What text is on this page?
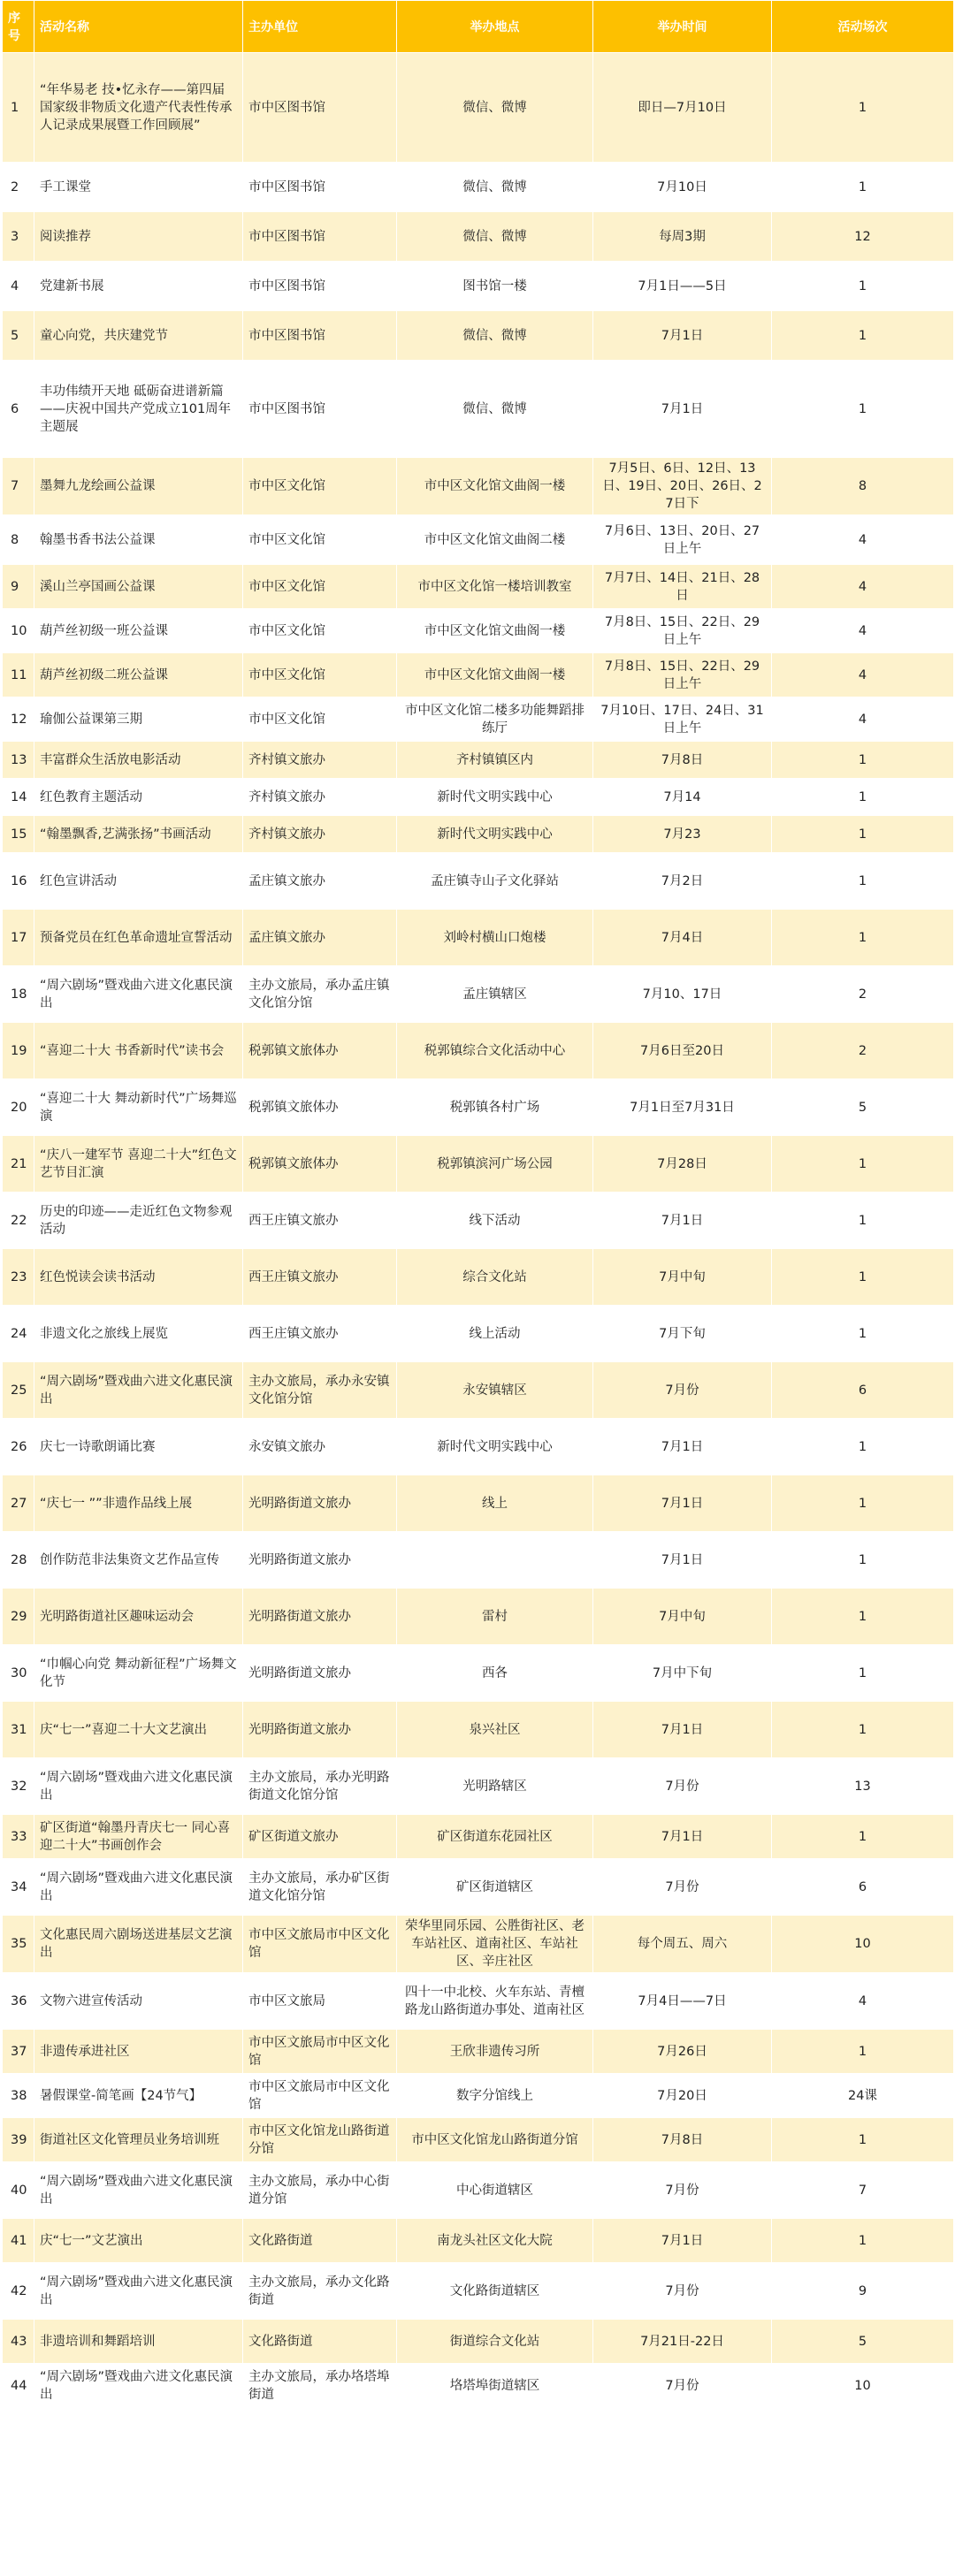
序号	活动名称	主办单位	举办地点	举办时间	活动场次
1	“年华易老 技•忆永存——第四届国家级非物质文化遗产代表性传承人记录成果展暨工作回顾展”	市中区图书馆	微信、微博	即日—7月10日	1
2	手工课堂	市中区图书馆	微信、微博	7月10日	1
3	阅读推荐	市中区图书馆	微信、微博	每周3期	12
4	党建新书展	市中区图书馆	图书馆一楼	7月1日——5日	1
5	童心向党，共庆建党节	市中区图书馆	微信、微博	7月1日	1
6	丰功伟绩开天地 砥砺奋进谱新篇——庆祝中国共产党成立101周年主题展	市中区图书馆	微信、微博	7月1日	1
7	墨舞九龙绘画公益课	市中区文化馆	市中区文化馆文曲阁一楼	7月5日、6日、12日、13日、19日、20日、26日、27日下	8
8	翰墨书香书法公益课	市中区文化馆	市中区文化馆文曲阁二楼	7月6日、13日、20日、27日上午	4
9	溪山兰亭国画公益课	市中区文化馆	市中区文化馆一楼培训教室	7月7日、14日、21日、28日	4
10	葫芦丝初级一班公益课	市中区文化馆	市中区文化馆文曲阁一楼	7月8日、15日、22日、29日上午	4
11	葫芦丝初级二班公益课	市中区文化馆	市中区文化馆文曲阁一楼	7月8日、15日、22日、29日上午	4
12	瑜伽公益课第三期	市中区文化馆	市中区文化馆二楼多功能舞蹈排练厅	7月10日、17日、24日、31日上午	4
13	丰富群众生活放电影活动	齐村镇文旅办	齐村镇镇区内	7月8日	1
14	红色教育主题活动	齐村镇文旅办	新时代文明实践中心	7月14	1
15	“翰墨飘香,艺满张扬”书画活动	齐村镇文旅办	新时代文明实践中心	7月23	1
16	红色宣讲活动	孟庄镇文旅办	孟庄镇寺山子文化驿站	7月2日	1
17	预备党员在红色革命遗址宣誓活动	孟庄镇文旅办	刘岭村横山口炮楼	7月4日	1
18	“周六剧场”暨戏曲六进文化惠民演出	主办文旅局，承办孟庄镇文化馆分馆	孟庄镇辖区	7月10、17日	2
19	“喜迎二十大 书香新时代”读书会	税郭镇文旅体办	税郭镇综合文化活动中心	7月6日至20日	2
20	“喜迎二十大 舞动新时代”广场舞巡演	税郭镇文旅体办	税郭镇各村广场	7月1日至7月31日	5
21	“庆八一建军节 喜迎二十大”红色文艺节目汇演	税郭镇文旅体办	税郭镇滨河广场公园	7月28日	1
22	历史的印迹——走近红色文物参观活动	西王庄镇文旅办	线下活动	7月1日	1
23	红色悦读会读书活动	西王庄镇文旅办	综合文化站	7月中旬	1
24	非遗文化之旅线上展览	西王庄镇文旅办	线上活动	7月下旬	1
25	“周六剧场”暨戏曲六进文化惠民演出	主办文旅局，承办永安镇文化馆分馆	永安镇辖区	7月份	6
26	庆七一诗歌朗诵比赛	永安镇文旅办	新时代文明实践中心	7月1日	1
27	“庆七一 ””非遗作品线上展	光明路街道文旅办	线上	7月1日	1
28	创作防范非法集资文艺作品宣传	光明路街道文旅办		7月1日	1
29	光明路街道社区趣味运动会	光明路街道文旅办	雷村	7月中旬	1
30	“巾帼心向党 舞动新征程”广场舞文化节	光明路街道文旅办	西各	7月中下旬	1
31	庆“七一”喜迎二十大文艺演出	光明路街道文旅办	泉兴社区	7月1日	1
32	“周六剧场”暨戏曲六进文化惠民演出	主办文旅局，承办光明路街道文化馆分馆	光明路辖区	7月份	13
33	矿区街道“翰墨丹青庆七一 同心喜迎二十大”书画创作会	矿区街道文旅办	矿区街道东花园社区	7月1日	1
34	“周六剧场”暨戏曲六进文化惠民演出	主办文旅局，承办矿区街道文化馆分馆	矿区街道辖区	7月份	6
35	文化惠民周六剧场送进基层文艺演出	市中区文旅局市中区文化馆	荣华里同乐园、公胜街社区、老车站社区、道南社区、车站社区、辛庄社区	每个周五、周六	10
36	文物六进宣传活动	市中区文旅局	四十一中北校、火车东站、青檀路龙山路街道办事处、道南社区	7月4日——7日	4
37	非遗传承进社区	市中区文旅局市中区文化馆	王欣非遗传习所	7月26日	1
38	暑假课堂-简笔画【24节气】	市中区文旅局市中区文化馆	数字分馆线上	7月20日	24课
39	街道社区文化管理员业务培训班	市中区文化馆龙山路街道分馆	市中区文化馆龙山路街道分馆	7月8日	1
40	“周六剧场”暨戏曲六进文化惠民演出	主办文旅局，承办中心街道分馆	中心街道辖区	7月份	7
41	庆“七一”文艺演出	文化路街道	南龙头社区文化大院	7月1日	1
42	“周六剧场”暨戏曲六进文化惠民演出	主办文旅局，承办文化路街道	文化路街道辖区	7月份	9
43	非遗培训和舞蹈培训	文化路街道	街道综合文化站	7月21日-22日	5
44	“周六剧场”暨戏曲六进文化惠民演出	主办文旅局，承办垎塔埠街道	垎塔埠街道辖区	7月份	10
